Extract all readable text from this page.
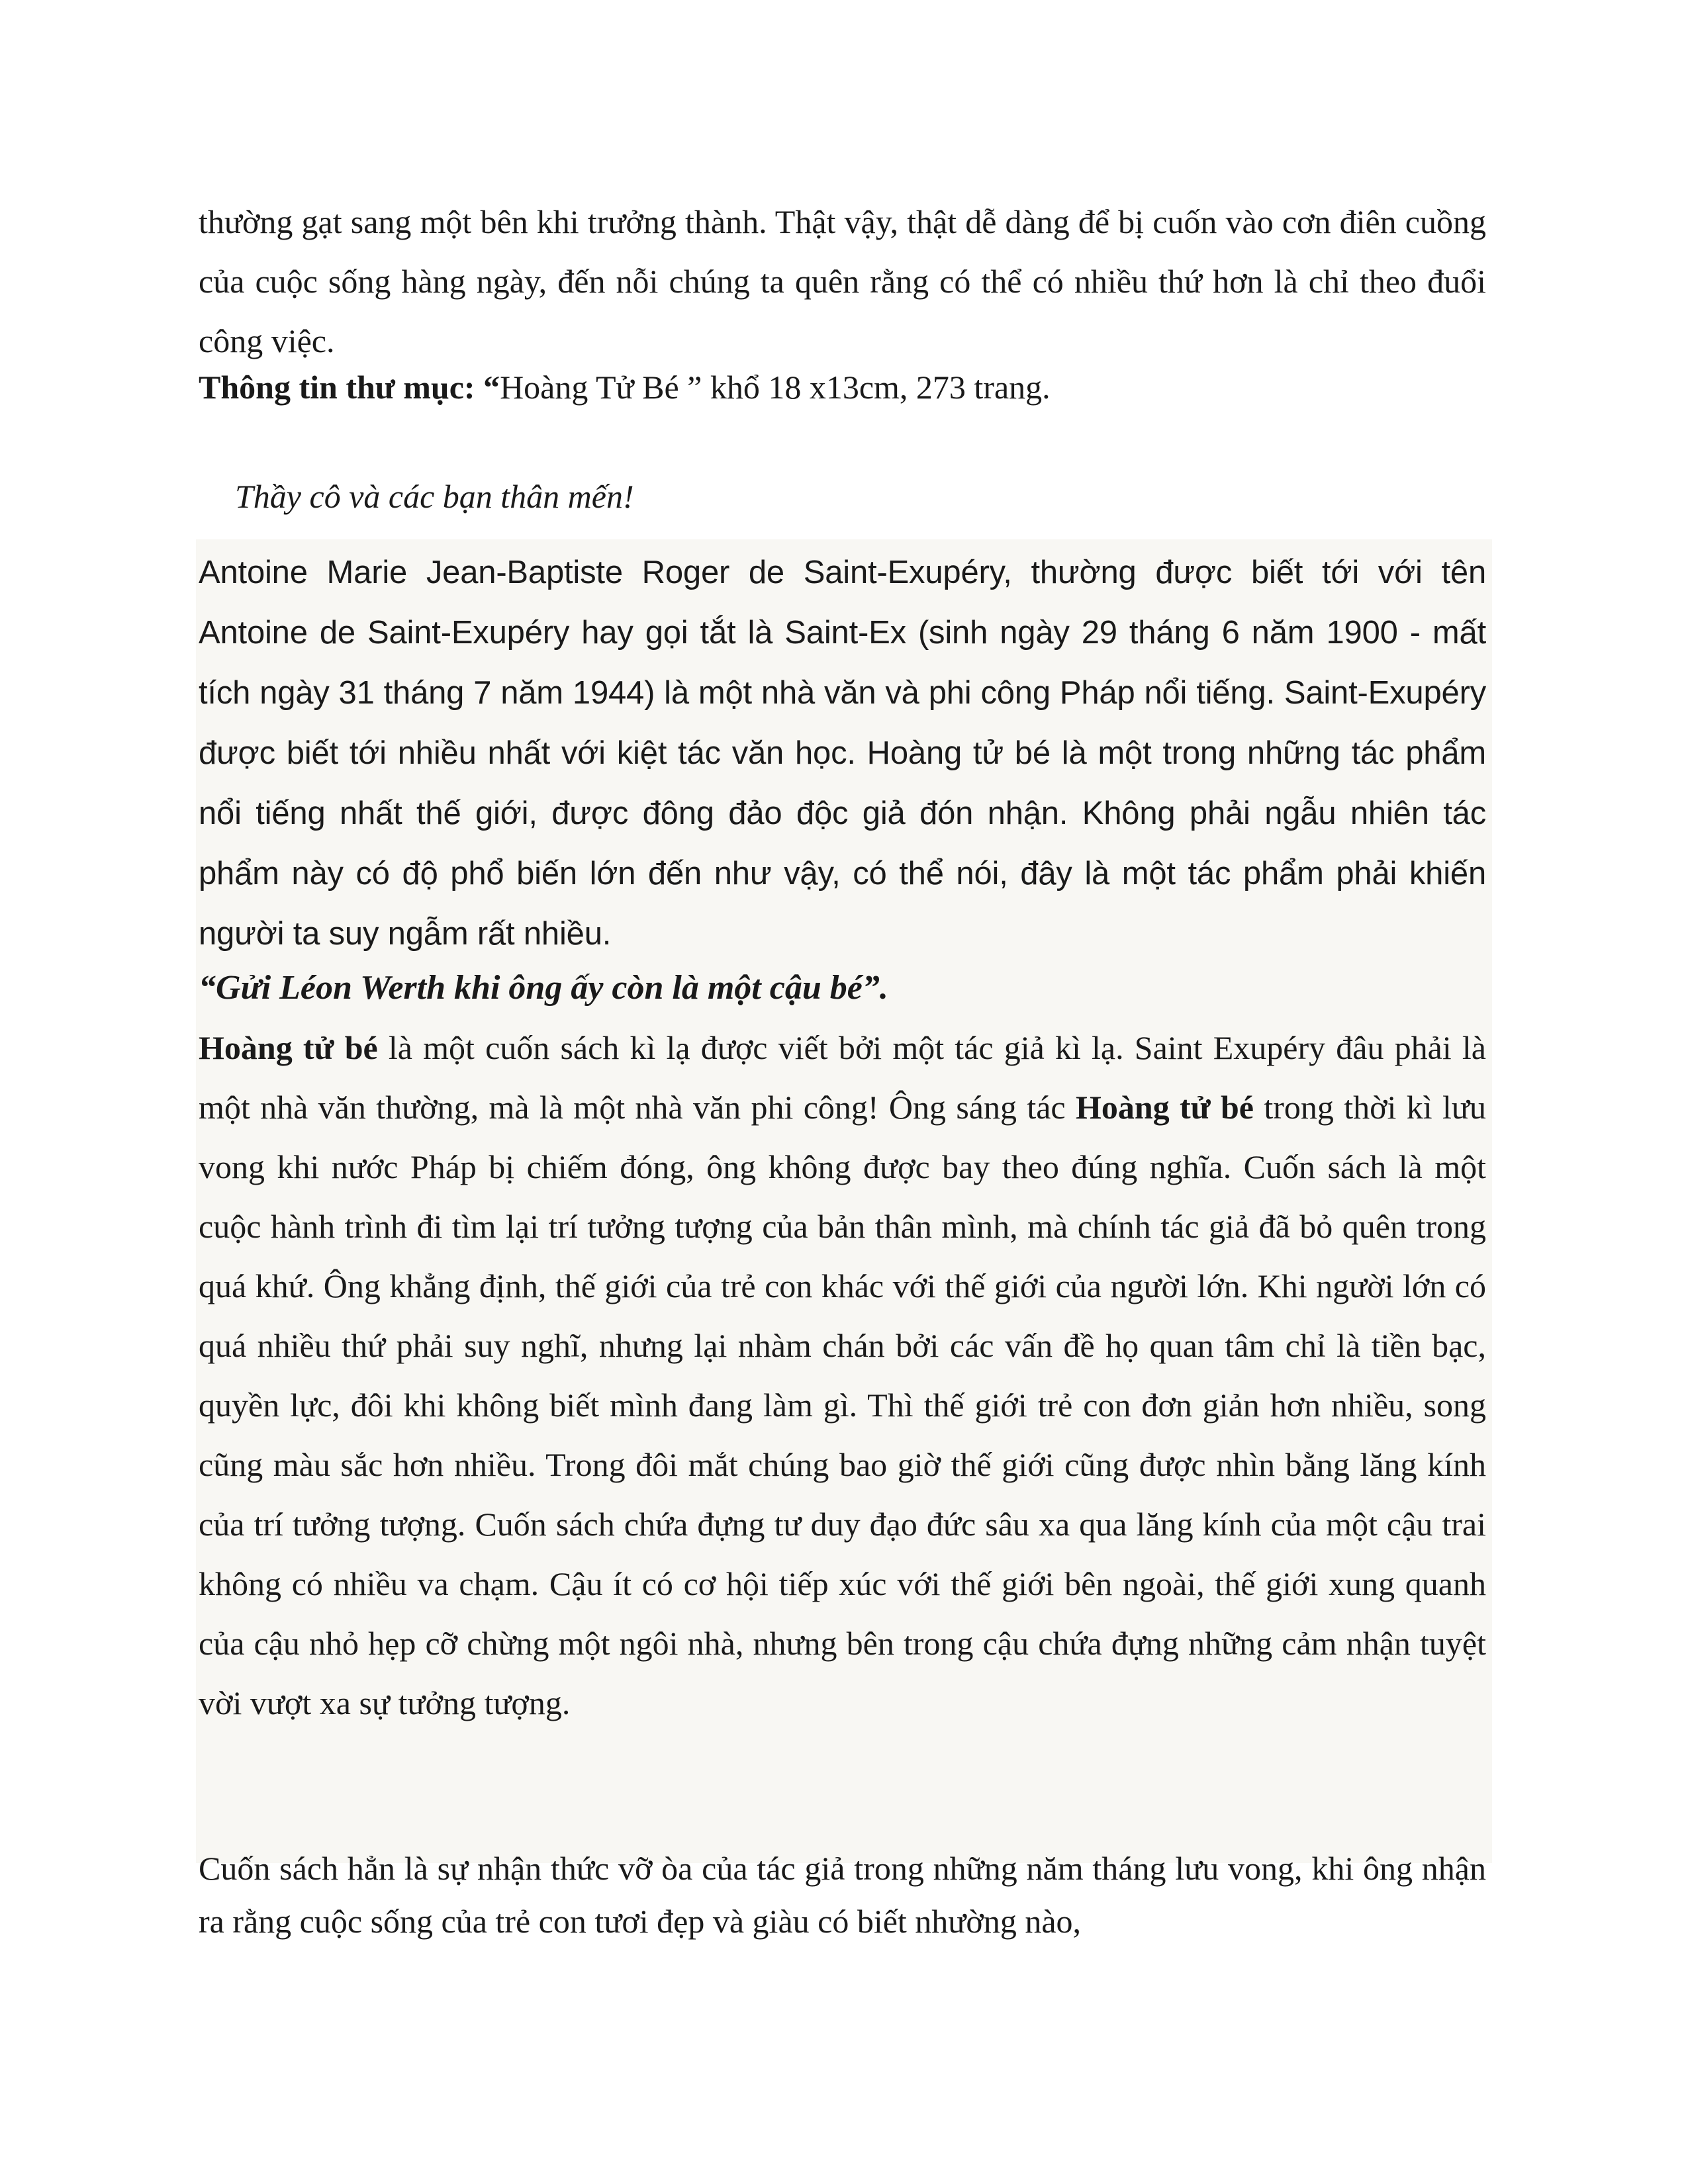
thường gạt sang một bên khi trưởng thành. Thật vậy, thật dễ dàng để bị cuốn vào cơn điên cuồng của cuộc sống hàng ngày, đến nỗi chúng ta quên rằng có thể có nhiều thứ hơn là chỉ theo đuổi công việc.
Thông tin thư mục: “Hoàng Tử Bé ” khổ 18 x13cm, 273 trang.
Thầy cô và các bạn thân mến!
Antoine Marie Jean-Baptiste Roger de Saint-Exupéry, thường được biết tới với tên Antoine de Saint-Exupéry hay gọi tắt là Saint-Ex (sinh ngày 29 tháng 6 năm 1900 - mất tích ngày 31 tháng 7 năm 1944) là một nhà văn và phi công Pháp nổi tiếng. Saint-Exupéry được biết tới nhiều nhất với kiệt tác văn học. Hoàng tử bé là một trong những tác phẩm nổi tiếng nhất thế giới, được đông đảo độc giả đón nhận. Không phải ngẫu nhiên tác phẩm này có độ phổ biến lớn đến như vậy, có thể nói, đây là một tác phẩm phải khiến người ta suy ngẫm rất nhiều.
“Gửi Léon Werth khi ông ấy còn là một cậu bé”.
Hoàng tử bé là một cuốn sách kì lạ được viết bởi một tác giả kì lạ. Saint Exupéry đâu phải là một nhà văn thường, mà là một nhà văn phi công! Ông sáng tác Hoàng tử bé trong thời kì lưu vong khi nước Pháp bị chiếm đóng, ông không được bay theo đúng nghĩa. Cuốn sách là một cuộc hành trình đi tìm lại trí tưởng tượng của bản thân mình, mà chính tác giả đã bỏ quên trong quá khứ. Ông khẳng định, thế giới của trẻ con khác với thế giới của người lớn. Khi người lớn có quá nhiều thứ phải suy nghĩ, nhưng lại nhàm chán bởi các vấn đề họ quan tâm chỉ là tiền bạc, quyền lực, đôi khi không biết mình đang làm gì. Thì thế giới trẻ con đơn giản hơn nhiều, song cũng màu sắc hơn nhiều. Trong đôi mắt chúng bao giờ thế giới cũng được nhìn bằng lăng kính của trí tưởng tượng. Cuốn sách chứa đựng tư duy đạo đức sâu xa qua lăng kính của một cậu trai không có nhiều va chạm. Cậu ít có cơ hội tiếp xúc với thế giới bên ngoài, thế giới xung quanh của cậu nhỏ hẹp cỡ chừng một ngôi nhà, nhưng bên trong cậu chứa đựng những cảm nhận tuyệt vời vượt xa sự tưởng tượng.
Cuốn sách hẳn là sự nhận thức vỡ òa của tác giả trong những năm tháng lưu vong, khi ông nhận ra rằng cuộc sống của trẻ con tươi đẹp và giàu có biết nhường nào,
